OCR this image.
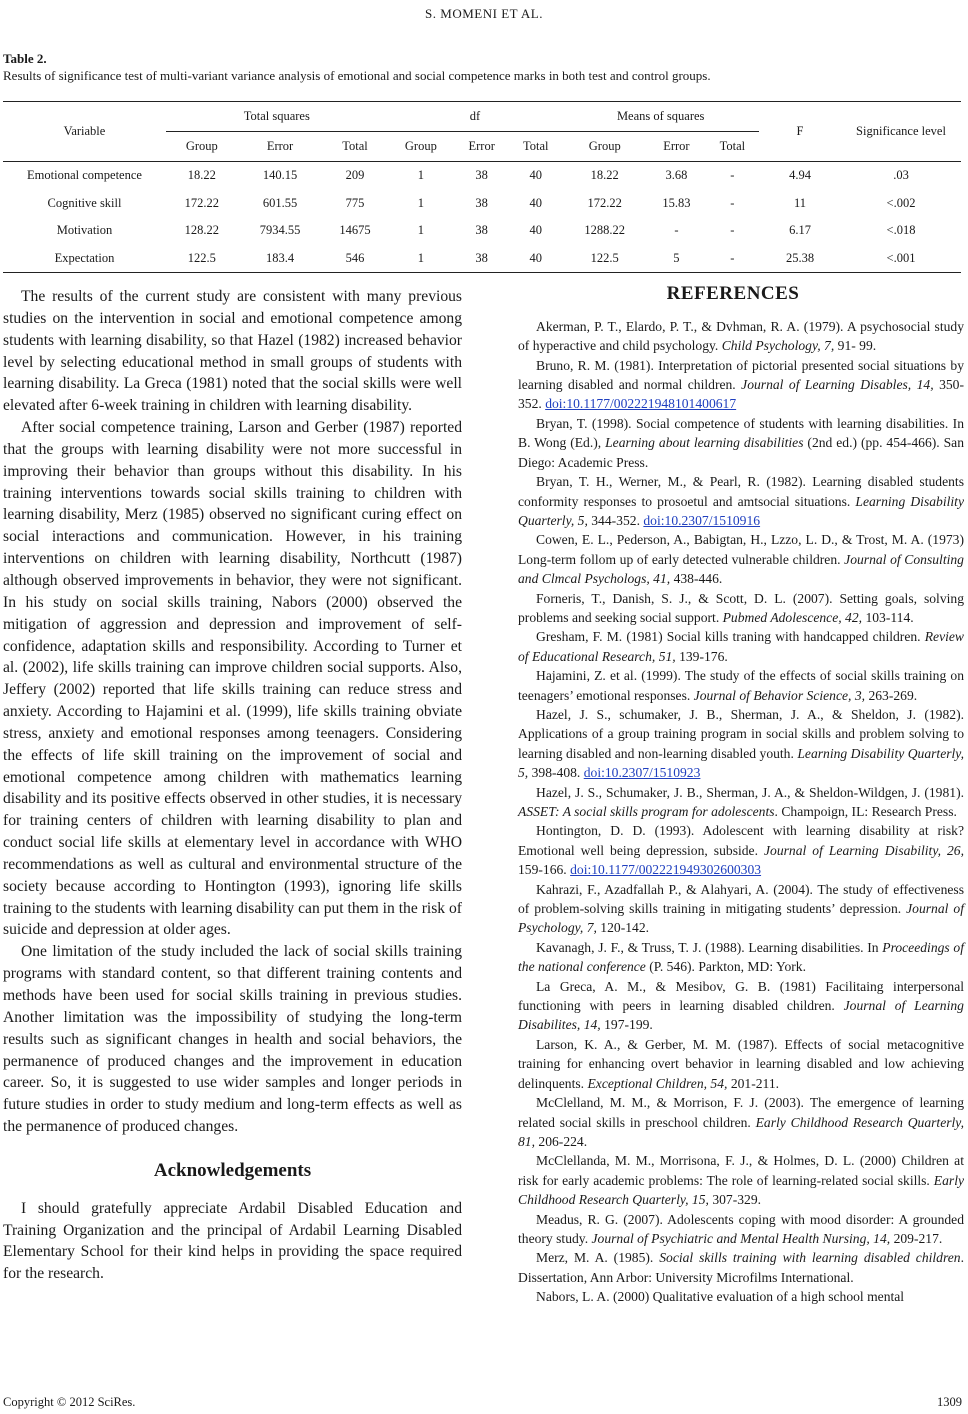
S. MOMENI ET AL.
Table 2.
Results of significance test of multi-variant variance analysis of emotional and social competence marks in both test and control groups.
Variable	Total squares			df			Means of squares			F	Significance level
	Group	Error	Total	Group	Error	Total	Group	Error	Total		
Emotional competence	18.22	140.15	209	1	38	40	18.22	3.68	-	4.94	.03
Cognitive skill	172.22	601.55	775	1	38	40	172.22	15.83	-	11	<.002
Motivation	128.22	7934.55	14675	1	38	40	1288.22	-	-	6.17	<.018
Expectation	122.5	183.4	546	1	38	40	122.5	5	-	25.38	<.001

The results of the current study are consistent with many previous studies on the intervention in social and emotional competence among students with learning disability, so that Hazel (1982) increased behavior level by selecting educational method in small groups of students with learning disability. La Greca (1981) noted that the social skills were well elevated after 6-week training in children with learning disability.

After social competence training, Larson and Gerber (1987) reported that the groups with learning disability were not more successful in improving their behavior than groups without this disability. In his training interventions towards social skills training to children with learning disability, Merz (1985) observed no significant curing effect on social interactions and communication. However, in his training interventions on children with learning disability, Northcutt (1987) although observed improvements in behavior, they were not significant. In his study on social skills training, Nabors (2000) observed the mitigation of aggression and depression and improvement of self-confidence, adaptation skills and responsibility. According to Turner et al. (2002), life skills training can improve children social supports. Also, Jeffery (2002) reported that life skills training can reduce stress and anxiety. According to Hajamini et al. (1999), life skills training obviate stress, anxiety and emotional responses among teenagers. Considering the effects of life skill training on the improvement of social and emotional competence among children with mathematics learning disability and its positive effects observed in other studies, it is necessary for training centers of children with learning disability to plan and conduct social life skills at elementary level in accordance with WHO recommendations as well as cultural and environmental structure of the society because according to Hontington (1993), ignoring life skills training to the students with learning disability can put them in the risk of suicide and depression at older ages.

One limitation of the study included the lack of social skills training programs with standard content, so that different training contents and methods have been used for social skills training in previous studies. Another limitation was the impossibility of studying the long-term results such as significant changes in health and social behaviors, the permanence of produced changes and the improvement in education career. So, it is suggested to use wider samples and longer periods in future studies in order to study medium and long-term effects as well as the permanence of produced changes.

Acknowledgements

I should gratefully appreciate Ardabil Disabled Education and Training Organization and the principal of Ardabil Learning Disabled Elementary School for their kind helps in providing the space required for the research.

REFERENCES

Akerman, P. T., Elardo, P. T., & Dvhman, R. A. (1979). A psychosocial study of hyperactive and child psychology. Child Psychology, 7, 91- 99.

Bruno, R. M. (1981). Interpretation of pictorial presented social situations by learning disabled and normal children. Journal of Learning Disables, 14, 350-352. doi:10.1177/002221948101400617

Bryan, T. (1998). Social competence of students with learning disabilities. In B. Wong (Ed.), Learning about learning disabilities (2nd ed.) (pp. 454-466). San Diego: Academic Press.

Bryan, T. H., Werner, M., & Pearl, R. (1982). Learning disabled students conformity responses to prosoetul and amtsocial situations. Learning Disability Quarterly, 5, 344-352. doi:10.2307/1510916

Cowen, E. L., Pederson, A., Babigtan, H., Lzzo, L. D., & Trost, M. A. (1973) Long-term follom up of early detected vulnerable children. Journal of Consulting and Clmcal Psychologs, 41, 438-446.

Forneris, T., Danish, S. J., & Scott, D. L. (2007). Setting goals, solving problems and seeking social support. Pubmed Adolescence, 42, 103-114.

Gresham, F. M. (1981) Social kills traning with handcapped children. Review of Educational Research, 51, 139-176.

Hajamini, Z. et al. (1999). The study of the effects of social skills training on teenagers’ emotional responses. Journal of Behavior Science, 3, 263-269.

Hazel, J. S., schumaker, J. B., Sherman, J. A., & Sheldon, J. (1982). Applications of a group training program in social skills and problem solving to learning disabled and non-learning disabled youth. Learning Disability Quarterly, 5, 398-408. doi:10.2307/1510923

Hazel, J. S., Schumaker, J. B., Sherman, J. A., & Sheldon-Wildgen, J. (1981). ASSET: A social skills program for adolescents. Champoign, IL: Research Press.

Hontington, D. D. (1993). Adolescent with learning disability at risk? Emotional well being depression, subside. Journal of Learning Disability, 26, 159-166. doi:10.1177/002221949302600303

Kahrazi, F., Azadfallah P., & Alahyari, A. (2004). The study of effectiveness of problem-solving skills training in mitigating students’ depression. Journal of Psychology, 7, 120-142.

Kavanagh, J. F., & Truss, T. J. (1988). Learning disabilities. In Proceedings of the national conference (P. 546). Parkton, MD: York.

La Greca, A. M., & Mesibov, G. B. (1981) Facilitaing interpersonal functioning with peers in learning disabled children. Journal of Learning Disabilites, 14, 197-199.

Larson, K. A., & Gerber, M. M. (1987). Effects of social metacognitive training for enhancing overt behavior in learning disabled and low achieving delinquents. Exceptional Children, 54, 201-211.

McClelland, M. M., & Morrison, F. J. (2003). The emergence of learning related social skills in preschool children. Early Childhood Research Quarterly, 81, 206-224.

McClellanda, M. M., Morrisona, F. J., & Holmes, D. L. (2000) Children at risk for early academic problems: The role of learning-related social skills. Early Childhood Research Quarterly, 15, 307-329.

Meadus, R. G. (2007). Adolescents coping with mood disorder: A grounded theory study. Journal of Psychiatric and Mental Health Nursing, 14, 209-217.

Merz, M. A. (1985). Social skills training with learning disabled children. Dissertation, Ann Arbor: University Microfilms International.

Nabors, L. A. (2000) Qualitative evaluation of a high school mental

Copyright © 2012 SciRes.	1309
